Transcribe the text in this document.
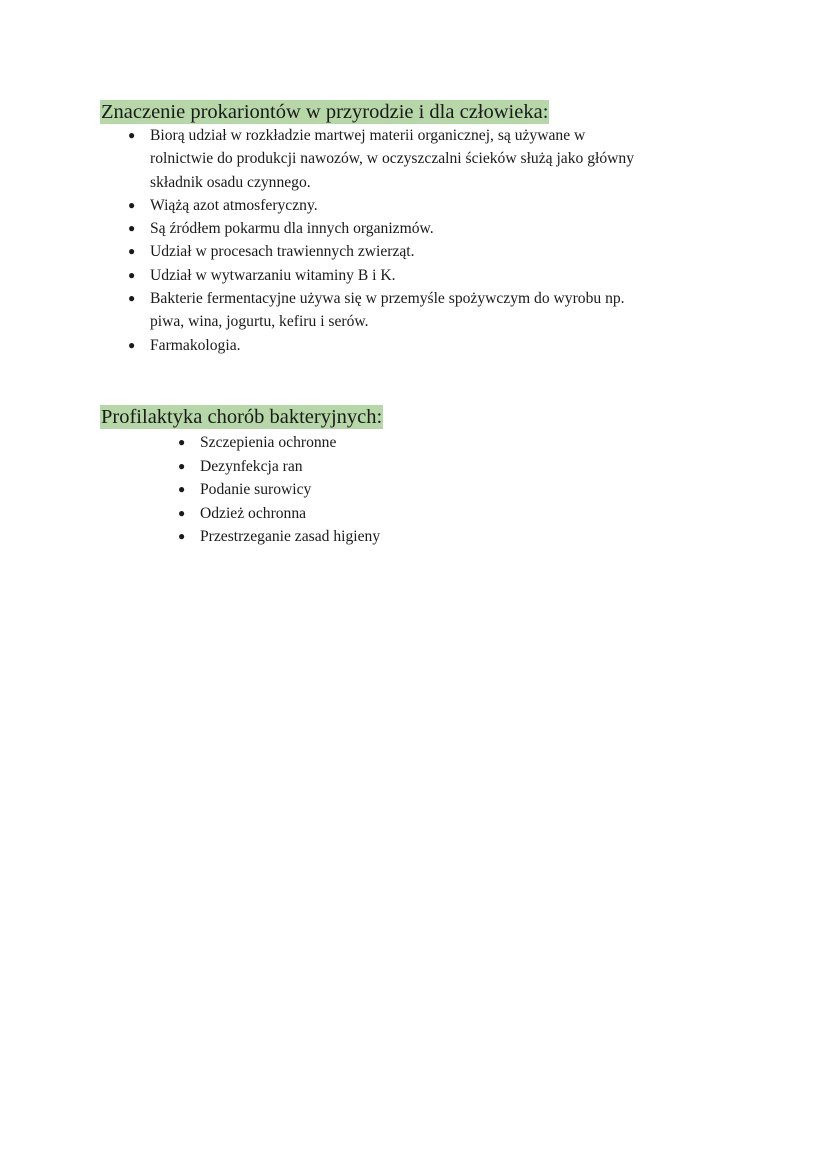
Znaczenie prokariontów w przyrodzie i dla człowieka:
● Biorą udział w rozkładzie martwej materii organicznej, są używane w
rolnictwie do produkcji nawozów, w oczyszczalni ścieków służą jako główny
składnik osadu czynnego.
● Wiążą azot atmosferyczny.
● Są źródłem pokarmu dla innych organizmów.
● Udział w procesach trawiennych zwierząt.
● Udział w wytwarzaniu witaminy B i K.
● Bakterie fermentacyjne używa się w przemyśle spożywczym do wyrobu np.
piwa, wina, jogurtu, kefiru i serów.
● Farmakologia.
Profilaktyka chorób bakteryjnych:
● Szczepienia ochronne
● Dezynfekcja ran
● Podanie surowicy
● Odzież ochronna
● Przestrzeganie zasad higieny
